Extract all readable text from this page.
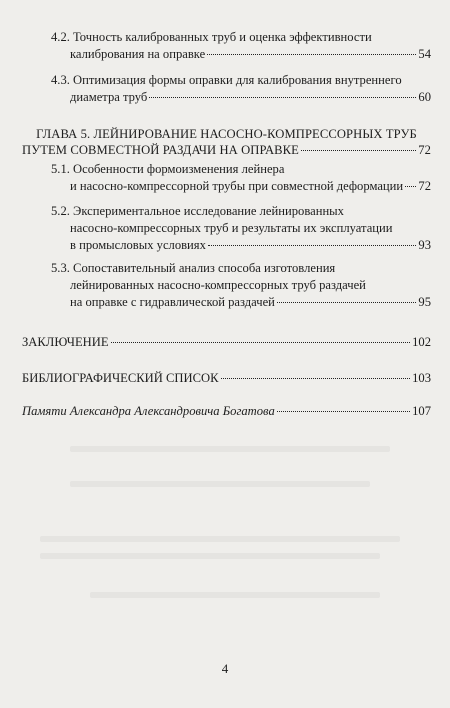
4.2. Точность калиброванных труб и оценка эффективности
калибрования на оправке	54
4.3. Оптимизация формы оправки для калибрования внутреннего
диаметра труб	60
ГЛАВА 5. ЛЕЙНИРОВАНИЕ НАСОСНО-КОМПРЕССОРНЫХ ТРУБ
ПУТЕМ СОВМЕСТНОЙ РАЗДАЧИ НА ОПРАВКЕ	72
5.1. Особенности формоизменения лейнера
и насосно-компрессорной трубы при совместной деформации 72
5.2. Экспериментальное исследование лейнированных
насосно-компрессорных труб и результаты их эксплуатации
в промысловых условиях	93
5.3. Сопоставительный анализ способа изготовления
лейнированных насосно-компрессорных труб раздачей
на оправке с гидравлической раздачей	95
ЗАКЛЮЧЕНИЕ	102
БИБЛИОГРАФИЧЕСКИЙ СПИСОК	103
Памяти Александра Александровича Богатова	107
4
